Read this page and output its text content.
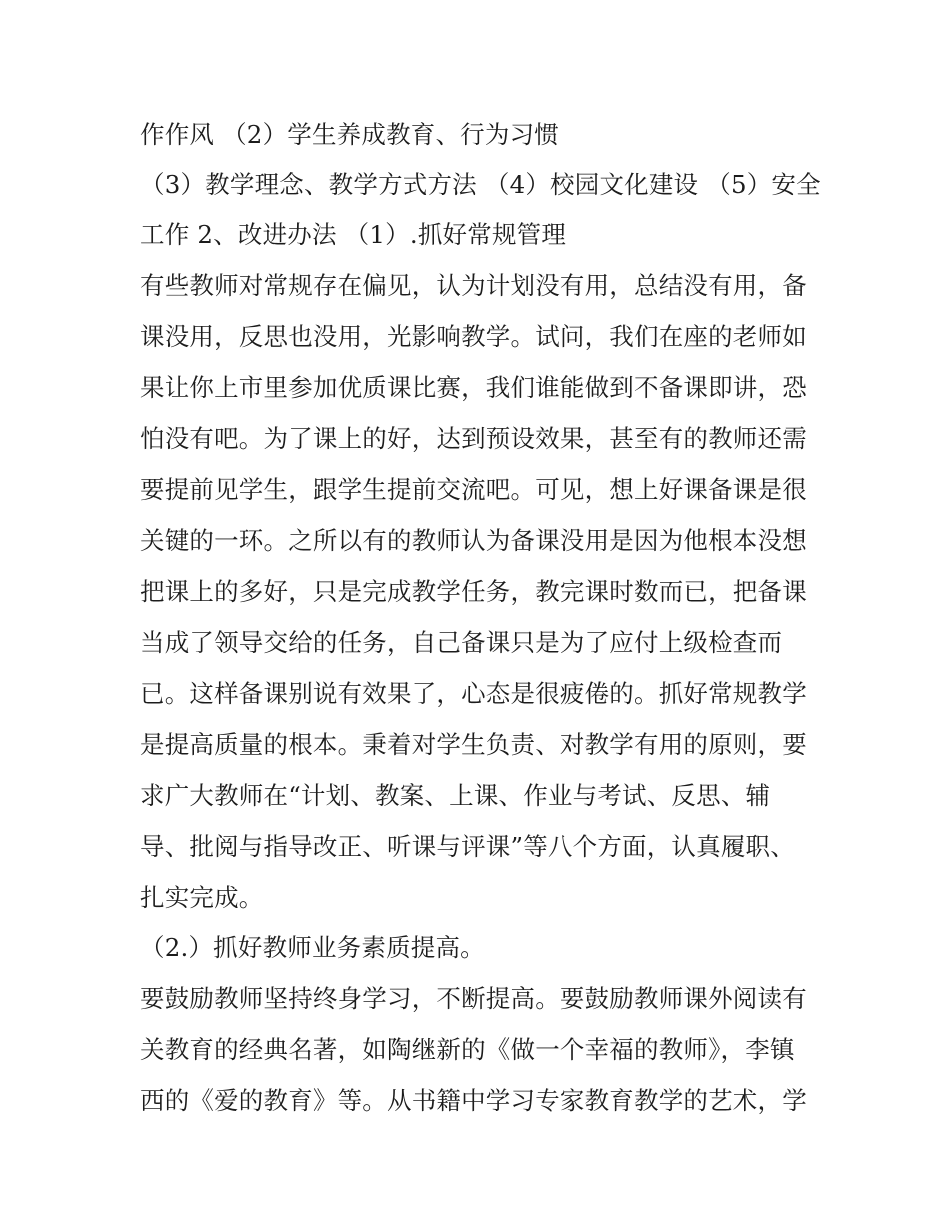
作作风 （2）学生养成教育、行为习惯
（3）教学理念、教学方式方法 （4）校园文化建设 （5）安全
工作 2、改进办法 （1）.抓好常规管理
有些教师对常规存在偏见，认为计划没有用，总结没有用，备
课没用，反思也没用，光影响教学。试问，我们在座的老师如
果让你上市里参加优质课比赛，我们谁能做到不备课即讲，恐
怕没有吧。为了课上的好，达到预设效果，甚至有的教师还需
要提前见学生，跟学生提前交流吧。可见，想上好课备课是很
关键的一环。之所以有的教师认为备课没用是因为他根本没想
把课上的多好，只是完成教学任务，教完课时数而已，把备课
当成了领导交给的任务，自己备课只是为了应付上级检查而
已。这样备课别说有效果了，心态是很疲倦的。抓好常规教学
是提高质量的根本。秉着对学生负责、对教学有用的原则，要
求广大教师在“计划、教案、上课、作业与考试、反思、辅
导、批阅与指导改正、听课与评课”等八个方面，认真履职、
扎实完成。
（2.）抓好教师业务素质提高。
要鼓励教师坚持终身学习，不断提高。要鼓励教师课外阅读有
关教育的经典名著，如陶继新的《做一个幸福的教师》，李镇
西的《爱的教育》等。从书籍中学习专家教育教学的艺术，学
